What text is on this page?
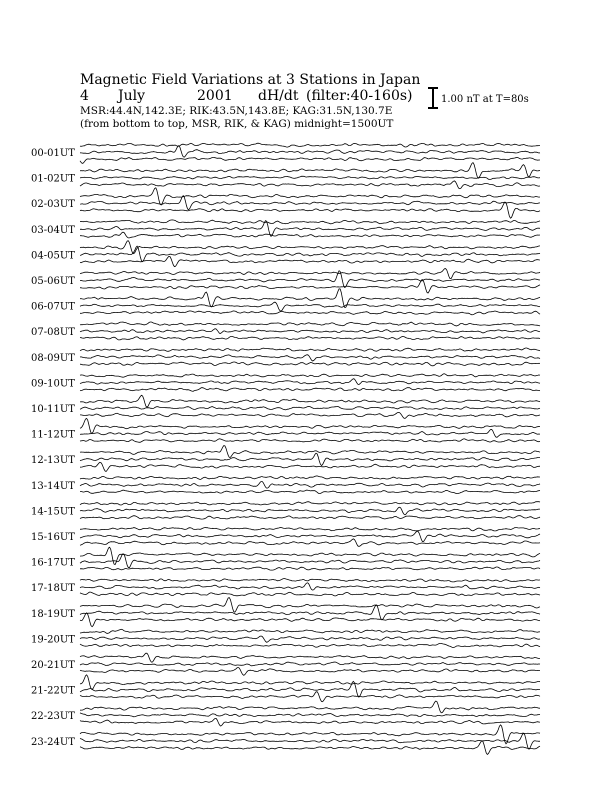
Magnetic Field Variations at 3 Stations in Japan
4 July	2001 dH/dt (filter:40-160s)
MSR:44.4N,142.3E; RIK:43.5N,143.8E; KAG:31.5N,130.7E
(from bottom to top, MSR, RIK, & KAG) midnight=1500UT
1.00 nT at T=80s
00-01UT
01-02UT
02-03UT
03-04UT
04-05UT
05-06UT
06-07UT
07-08UT
08-09UT
09-10UT
10-11UT
11-12UT
12-13UT
13-14UT
14-15UT
15-16UT
16-17UT
17-18UT
18-19UT
19-20UT
20-21UT
21-22UT
22-23UT
23-24UT
